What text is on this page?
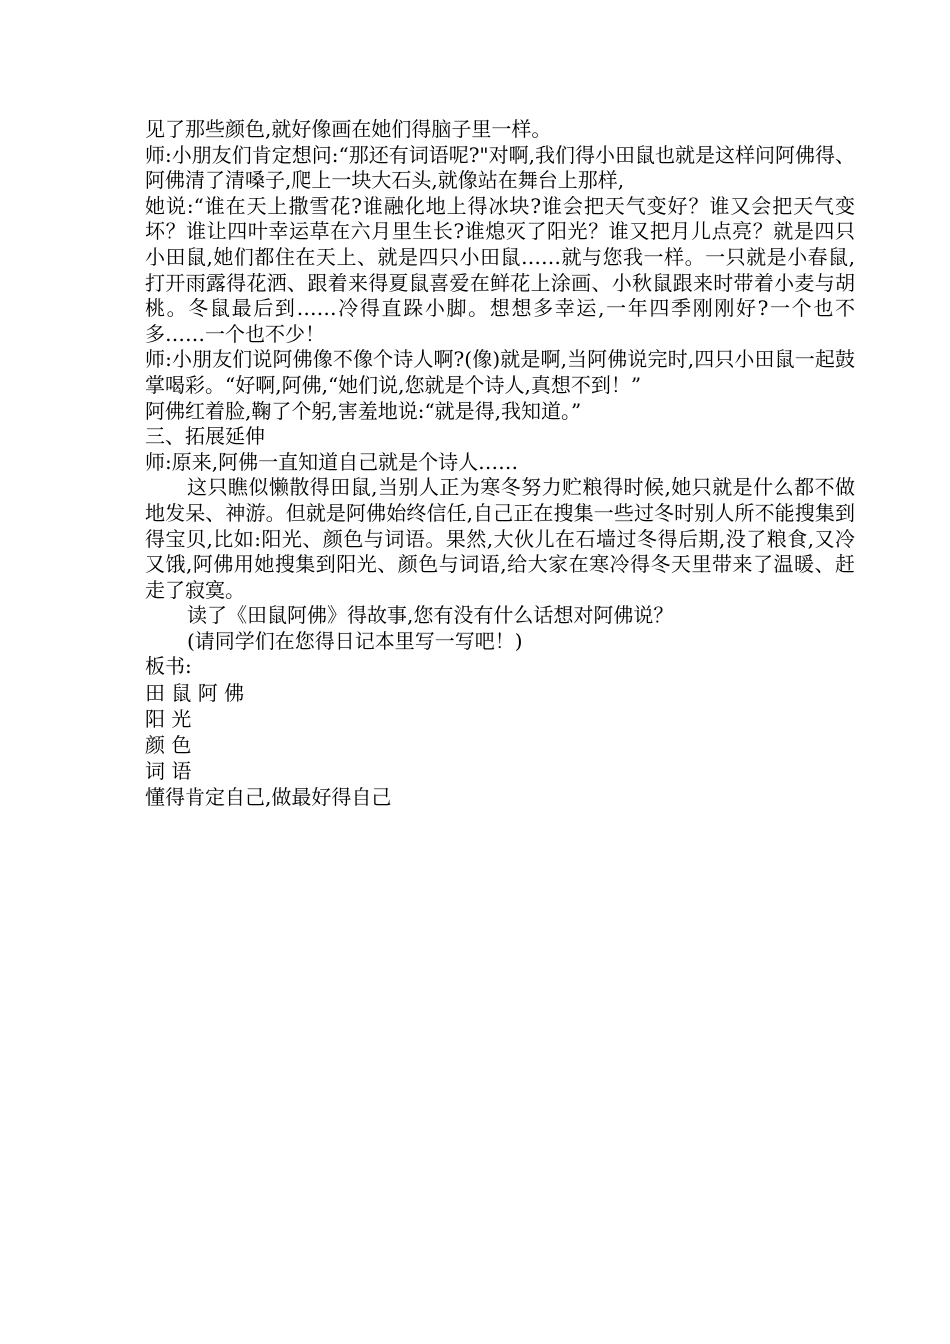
见了那些颜色,就好像画在她们得脑子里一样。

师:小朋友们肯定想问:“那还有词语呢?"对啊,我们得小田鼠也就是这样问阿佛得、阿佛清了清嗓子,爬上一块大石头,就像站在舞台上那样,

她说:“谁在天上撒雪花?谁融化地上得冰块?谁会把天气变好？谁又会把天气变坏？谁让四叶幸运草在六月里生长?谁熄灭了阳光？谁又把月儿点亮？就是四只小田鼠,她们都住在天上、就是四只小田鼠……就与您我一样。一只就是小春鼠,打开雨露得花洒、跟着来得夏鼠喜爱在鲜花上涂画、小秋鼠跟来时带着小麦与胡桃。冬鼠最后到……冷得直跺小脚。想想多幸运,一年四季刚刚好?一个也不多……一个也不少！

师:小朋友们说阿佛像不像个诗人啊?(像)就是啊,当阿佛说完时,四只小田鼠一起鼓掌喝彩。“好啊,阿佛,“她们说,您就是个诗人,真想不到！”

阿佛红着脸,鞠了个躬,害羞地说:“就是得,我知道。”

三、拓展延伸

师:原来,阿佛一直知道自己就是个诗人……

这只瞧似懒散得田鼠,当别人正为寒冬努力贮粮得时候,她只就是什么都不做地发呆、神游。但就是阿佛始终信任,自己正在搜集一些过冬时别人所不能搜集到得宝贝,比如:阳光、颜色与词语。果然,大伙儿在石墙过冬得后期,没了粮食,又冷又饿,阿佛用她搜集到阳光、颜色与词语,给大家在寒冷得冬天里带来了温暖、赶走了寂寞。

读了《田鼠阿佛》得故事,您有没有什么话想对阿佛说？

(请同学们在您得日记本里写一写吧！)

板书:

田 鼠 阿 佛

阳 光

颜 色

词 语

懂得肯定自己,做最好得自己
